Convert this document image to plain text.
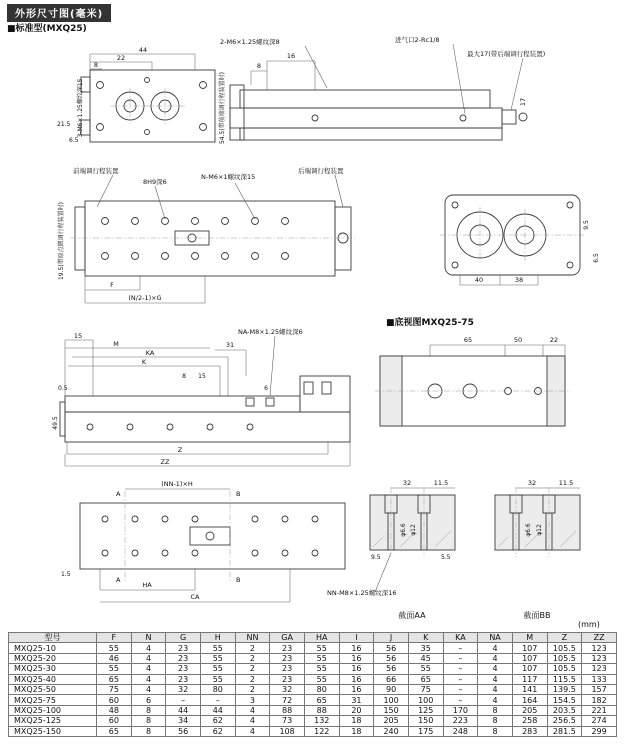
外形尺寸图(毫米)
■标准型(MXQ25)
44
22
8
3-M6×1.25螺纹深15
21.5
6.5	54.5(带前端调行程装置时)
2-M6×1.25螺纹深8	进气口2-Rc1/8
最大17(带后端调行程装置)
16
8
17
前端调行程装置
8H9深6
N-M6×1螺纹深15
后端调行程装置
19.5(带原点微调行程装置时)
F
(N/2-1)×G
40	38
9.5
6.5
■底视图MXQ25-75
15
M
KA
K
31
NA-M8×1.25螺纹深6
8 15
6
49.5
0.5
Z
ZZ
65	50	22
(NN-1)×H
A
A
B
B
HA
CA
1.5
32	11.5
φ6.6 φ12
9.5	5.5
NN-M8×1.25螺纹深16
截面AA
32	11.5
φ6.6 φ12
截面BB
(mm)
型号	F	N	G	H	NN	GA	HA	I	J	K	KA	NA	M	Z	ZZ
MXQ25-10	55	4	23	55	2	23	55	16	56	35	–	4	107	105.5	123
MXQ25-20	46	4	23	55	2	23	55	16	56	45	–	4	107	105.5	123
MXQ25-30	55	4	23	55	2	23	55	16	56	55	–	4	107	105.5	123
MXQ25-40	65	4	23	55	2	23	55	16	66	65	–	4	117	115.5	133
MXQ25-50	75	4	32	80	2	32	80	16	90	75	–	4	141	139.5	157
MXQ25-75	60	6	–	–	3	72	65	31	100	100	–	4	164	154.5	182
MXQ25-100	48	8	44	44	4	88	88	20	150	125	170	8	205	203.5	221
MXQ25-125	60	8	34	62	4	73	132	18	205	150	223	8	258	256.5	274
MXQ25-150	65	8	56	62	4	108	122	18	240	175	248	8	283	281.5	299
